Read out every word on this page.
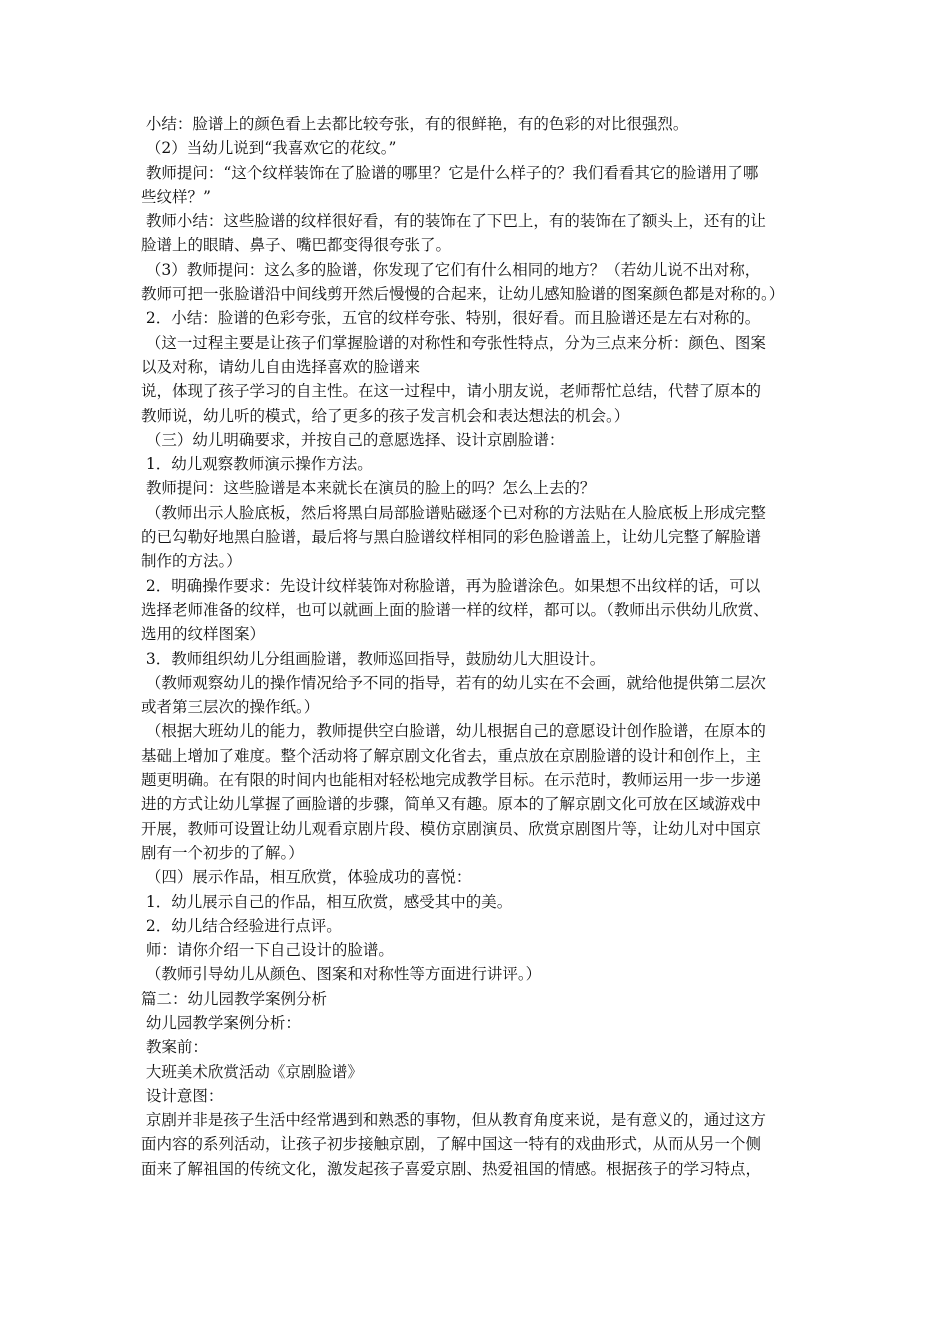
小结：脸谱上的颜色看上去都比较夸张，有的很鲜艳，有的色彩的对比很强烈。
（2）当幼儿说到“我喜欢它的花纹。”
教师提问：“这个纹样装饰在了脸谱的哪里？它是什么样子的？我们看看其它的脸谱用了哪
些纹样？”
教师小结：这些脸谱的纹样很好看，有的装饰在了下巴上，有的装饰在了额头上，还有的让
脸谱上的眼睛、鼻子、嘴巴都变得很夸张了。
（3）教师提问：这么多的脸谱，你发现了它们有什么相同的地方？（若幼儿说不出对称，
教师可把一张脸谱沿中间线剪开然后慢慢的合起来，让幼儿感知脸谱的图案颜色都是对称的。）
2．小结：脸谱的色彩夸张，五官的纹样夸张、特别，很好看。而且脸谱还是左右对称的。
（这一过程主要是让孩子们掌握脸谱的对称性和夸张性特点，分为三点来分析：颜色、图案
以及对称，请幼儿自由选择喜欢的脸谱来
说，体现了孩子学习的自主性。在这一过程中，请小朋友说，老师帮忙总结，代替了原本的
教师说，幼儿听的模式，给了更多的孩子发言机会和表达想法的机会。）
（三）幼儿明确要求，并按自己的意愿选择、设计京剧脸谱：
1．幼儿观察教师演示操作方法。
教师提问：这些脸谱是本来就长在演员的脸上的吗？怎么上去的？
（教师出示人脸底板，然后将黑白局部脸谱贴磁逐个已对称的方法贴在人脸底板上形成完整
的已勾勒好地黑白脸谱，最后将与黑白脸谱纹样相同的彩色脸谱盖上，让幼儿完整了解脸谱
制作的方法。）
2．明确操作要求：先设计纹样装饰对称脸谱，再为脸谱涂色。如果想不出纹样的话，可以
选择老师准备的纹样，也可以就画上面的脸谱一样的纹样，都可以。（教师出示供幼儿欣赏、
选用的纹样图案）
3．教师组织幼儿分组画脸谱，教师巡回指导，鼓励幼儿大胆设计。
（教师观察幼儿的操作情况给予不同的指导，若有的幼儿实在不会画，就给他提供第二层次
或者第三层次的操作纸。）
（根据大班幼儿的能力，教师提供空白脸谱，幼儿根据自己的意愿设计创作脸谱，在原本的
基础上增加了难度。整个活动将了解京剧文化省去，重点放在京剧脸谱的设计和创作上，主
题更明确。在有限的时间内也能相对轻松地完成教学目标。在示范时，教师运用一步一步递
进的方式让幼儿掌握了画脸谱的步骤，简单又有趣。原本的了解京剧文化可放在区域游戏中
开展，教师可设置让幼儿观看京剧片段、模仿京剧演员、欣赏京剧图片等，让幼儿对中国京
剧有一个初步的了解。）
（四）展示作品，相互欣赏，体验成功的喜悦：
1．幼儿展示自己的作品，相互欣赏，感受其中的美。
2．幼儿结合经验进行点评。
师：请你介绍一下自己设计的脸谱。
（教师引导幼儿从颜色、图案和对称性等方面进行讲评。）
篇二：幼儿园教学案例分析
幼儿园教学案例分析：
教案前：
大班美术欣赏活动《京剧脸谱》
设计意图：
京剧并非是孩子生活中经常遇到和熟悉的事物，但从教育角度来说，是有意义的，通过这方
面内容的系列活动，让孩子初步接触京剧，了解中国这一特有的戏曲形式，从而从另一个侧
面来了解祖国的传统文化，激发起孩子喜爱京剧、热爱祖国的情感。根据孩子的学习特点，
